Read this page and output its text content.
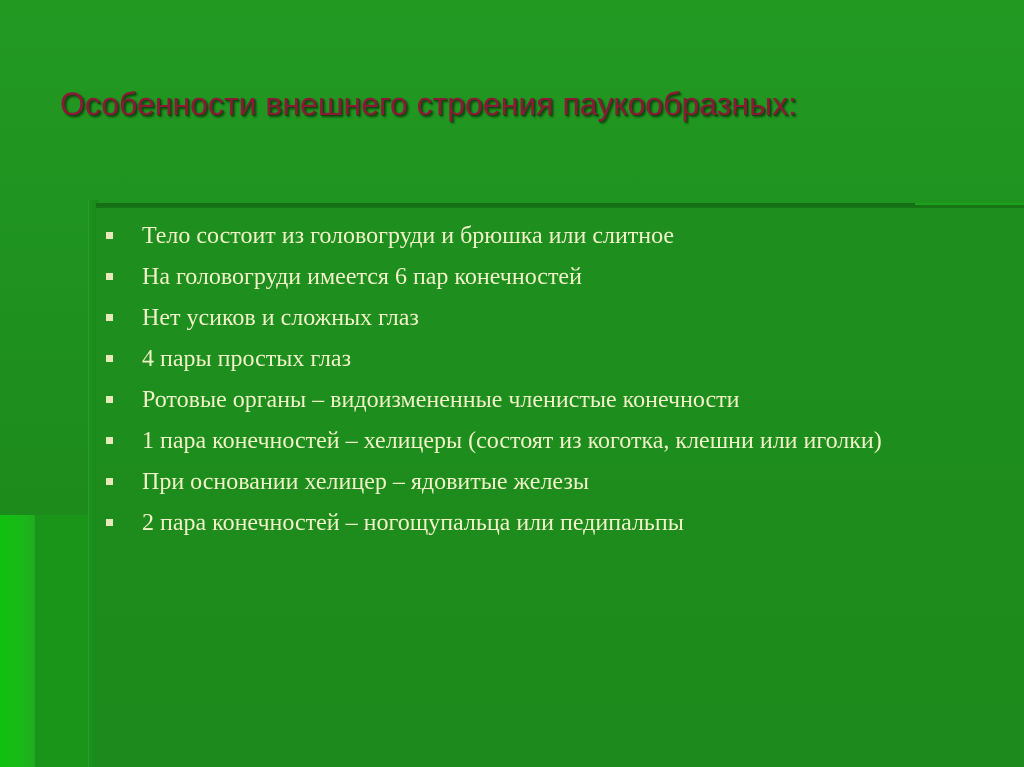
Особенности внешнего строения паукообразных:
Тело состоит из головогруди и брюшка или слитное
На головогруди имеется 6 пар конечностей
Нет усиков и сложных глаз
4 пары простых глаз
Ротовые органы – видоизмененные членистые конечности
1 пара конечностей – хелицеры (состоят из коготка, клешни или иголки)
При основании хелицер – ядовитые железы
2 пара конечностей – ногощупальца или педипальпы
